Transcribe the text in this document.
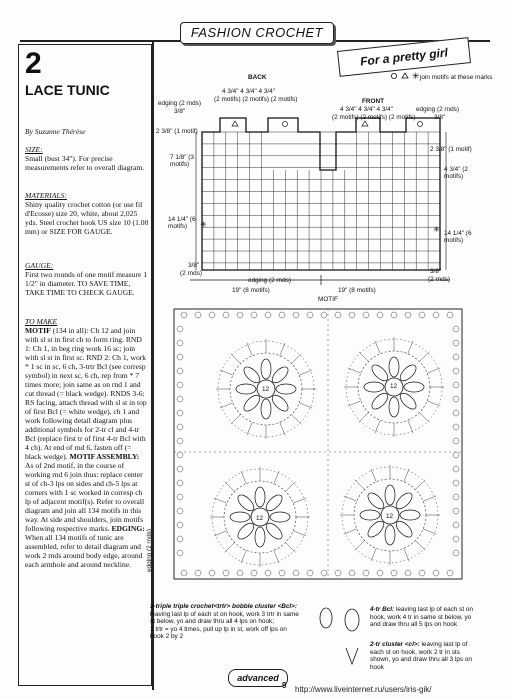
FASHION CROCHET
For a pretty girl
2
LACE TUNIC
By Suzanne Thérèse
SIZE:
Small (bust 34"). For precise measurements refer to overall diagram.
MATERIALS:
Shiny quality crochet cotton (or use fil d'Ecosse) size 20, white, about 2,025 yds. Steel crochet hook US size 10 (1.00 mm) or SIZE FOR GAUGE.
GAUGE:
First two rounds of one motif measure 1 1/2" in diameter. TO SAVE TIME, TAKE TIME TO CHECK GAUGE.
TO MAKE
MOTIF (134 in all): Ch 12 and join with sl st in first ch to form ring. RND 1: Ch 1, in beg ring work 16 sc; join with sl st in first sc. RND 2: Ch 1, work * 1 sc in sc, 6 ch, 3-trtr Bcl (see corresp symbol) in next sc, 6 ch, rep from * 7 times more; join same as on rnd 1 and cut thread (= black wedge). RNDS 3-6: RS facing, attach thread with sl st in top of first Bcl (= white wedge), ch 1 and work following detail diagram plus additional symbols for 2-tr cl and 4-tr Bcl (replace first tr of first 4-tr Bcl with 4 ch). At end of rnd 6, fasten off (= black wedge). MOTIF ASSEMBLY: As of 2nd motif, in the course of working rnd 6 join thus: replace center st of ch-3 lps on sides and ch-5 lps at corners with 1 sc worked in corresp ch lp of adjacent motif(s). Refer to overall diagram and join all 134 motifs in this way. At side and shoulders, join motifs following respective marks. EDGING: When all 134 motifs of tunic are assembled, refer to detail diagram and work 2 rnds around body edge, around each armhole and around neckline.
✳
✳
✳
BACK
FRONT
join motifs at these marks
4 3/4" 4 3/4" 4 3/4"
(2 motifs) (2 motifs) (2 motifs)
4 3/4" 4 3/4" 4 3/4"
(2 motifs) (2 motifs) (2 motifs)
edging (2 rnds)
3/8"	edging (2 rnds)
3/8"
2 3/8" (1 motif)
7 1/8" (3 motifs)
14 1/4" (6 motifs)
2 3/8" (1 motif)
4 3/4" (2 motifs)
14 1/4" (6 motifs)
3/8"
(2 rnds)	3/8"
(2 rnds)
edging (2 rnds)
19" (8 motifs)	19" (8 motifs)
MOTIF
12	12
12	12
edging (2 rnds)
3-triple triple crochet<trtr> bobble cluster <Bcl>: leaving last lp of each st on hook, work 3 trtr in same st below, yo and draw thru all 4 lps on hook;
1 trtr = yo 4 times, pull up lp in st, work off lps on hook 2 by 2
4-tr Bcl: leaving last lp of each st on hook, work 4 tr in same st below, yo and draw thru all 5 lps on hook
2-tr cluster <cl>: leaving last lp of each st on hook, work 2 tr in sts shown, yo and draw thru all 3 lps on hook
advanced
9 http://www.liveinternet.ru/users/iris-gik/
